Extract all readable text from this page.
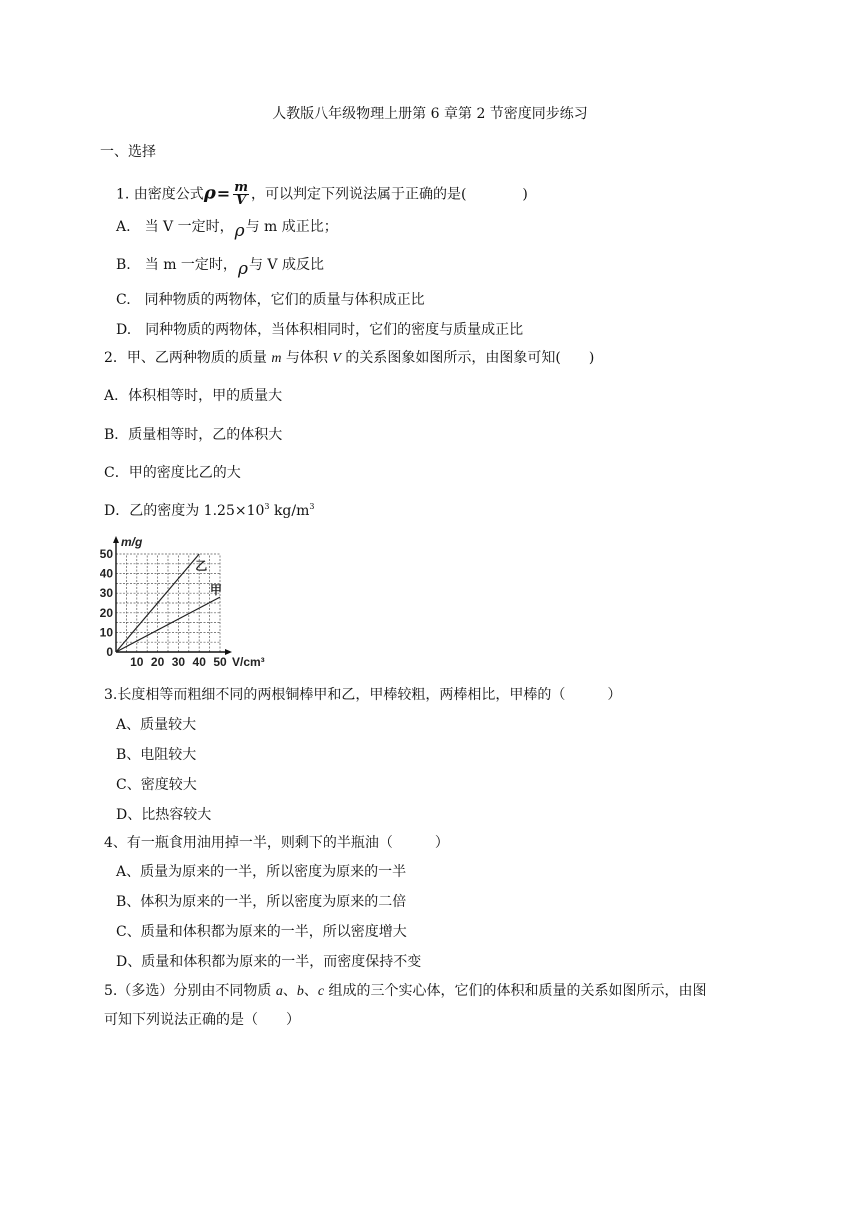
人教版八年级物理上册第 6 章第 2 节密度同步练习
一、选择
1. 由密度公式$\rho= \frac{m}{V}$ ，可以判定下列说法属于正确的是(　　　　)
A. 当 V 一定时，ρ与 m 成正比；
B. 当 m 一定时，ρ与 V 成反比
C. 同种物质的两物体，它们的质量与体积成正比
D. 同种物质的两物体，当体积相同时，它们的密度与质量成正比
2．甲、乙两种物质的质量 m 与体积 V 的关系图象如图所示，由图象可知(　　)
A．体积相等时，甲的质量大
B．质量相等时，乙的体积大
C．甲的密度比乙的大
D．乙的密度为 $1.25\times 10^3$ $kg/m^3$
乙
甲
10 20 30 40 50
50
40
30
20
10
0
m/g
V/cm³
3.长度相等而粗细不同的两根铜棒甲和乙，甲棒较粗，两棒相比，甲棒的（　　　）
A、质量较大
B、电阻较大
C、密度较大
D、比热容较大
4、有一瓶食用油用掉一半，则剩下的半瓶油（　　　）
A、质量为原来的一半，所以密度为原来的一半
B、体积为原来的一半，所以密度为原来的二倍
C、质量和体积都为原来的一半，所以密度增大
D、质量和体积都为原来的一半，而密度保持不变
5.（多选）分别由不同物质 a、b、c 组成的三个实心体，它们的体积和质量的关系如图所示，由图
可知下列说法正确的是（　　）
